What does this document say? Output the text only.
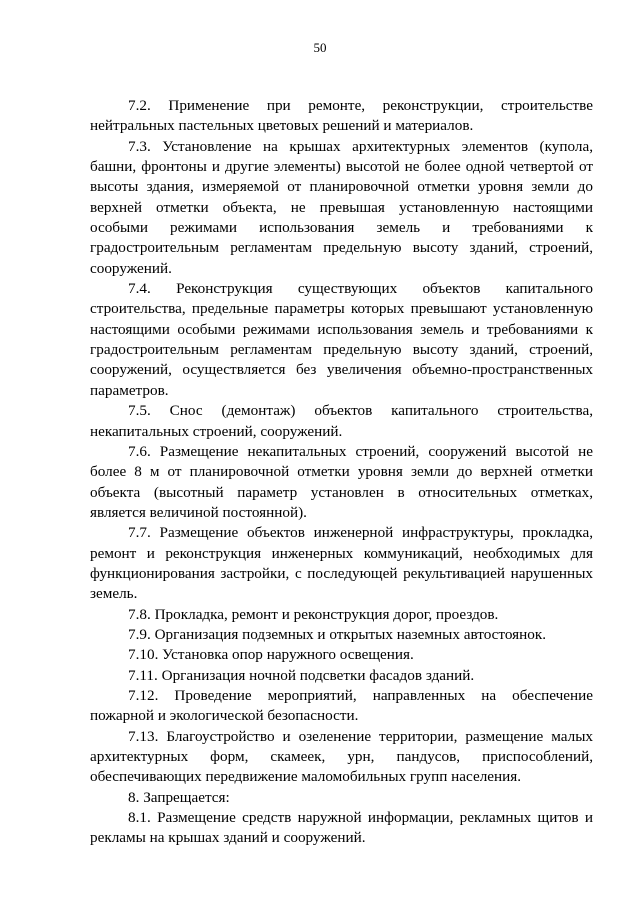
50

7.2. Применение при ремонте, реконструкции, строительстве нейтральных пастельных цветовых решений и материалов.

7.3. Установление на крышах архитектурных элементов (купола, башни, фронтоны и другие элементы) высотой не более одной четвертой от высоты здания, измеряемой от планировочной отметки уровня земли до верхней отметки объекта, не превышая установленную настоящими особыми режимами использования земель и требованиями к градостроительным регламентам предельную высоту зданий, строений, сооружений.

7.4. Реконструкция существующих объектов капитального строительства, предельные параметры которых превышают установленную настоящими особыми режимами использования земель и требованиями к градостроительным регламентам предельную высоту зданий, строений, сооружений, осуществляется без увеличения объемно-пространственных параметров.

7.5. Снос (демонтаж) объектов капитального строительства, некапитальных строений, сооружений.

7.6. Размещение некапитальных строений, сооружений высотой не более 8 м от планировочной отметки уровня земли до верхней отметки объекта (высотный параметр установлен в относительных отметках, является величиной постоянной).

7.7. Размещение объектов инженерной инфраструктуры, прокладка, ремонт и реконструкция инженерных коммуникаций, необходимых для функционирования застройки, с последующей рекультивацией нарушенных земель.

7.8. Прокладка, ремонт и реконструкция дорог, проездов.

7.9. Организация подземных и открытых наземных автостоянок.

7.10. Установка опор наружного освещения.

7.11. Организация ночной подсветки фасадов зданий.

7.12. Проведение мероприятий, направленных на обеспечение пожарной и экологической безопасности.

7.13. Благоустройство и озеленение территории, размещение малых архитектурных форм, скамеек, урн, пандусов, приспособлений, обеспечивающих передвижение маломобильных групп населения.

8. Запрещается:

8.1. Размещение средств наружной информации, рекламных щитов и рекламы на крышах зданий и сооружений.
